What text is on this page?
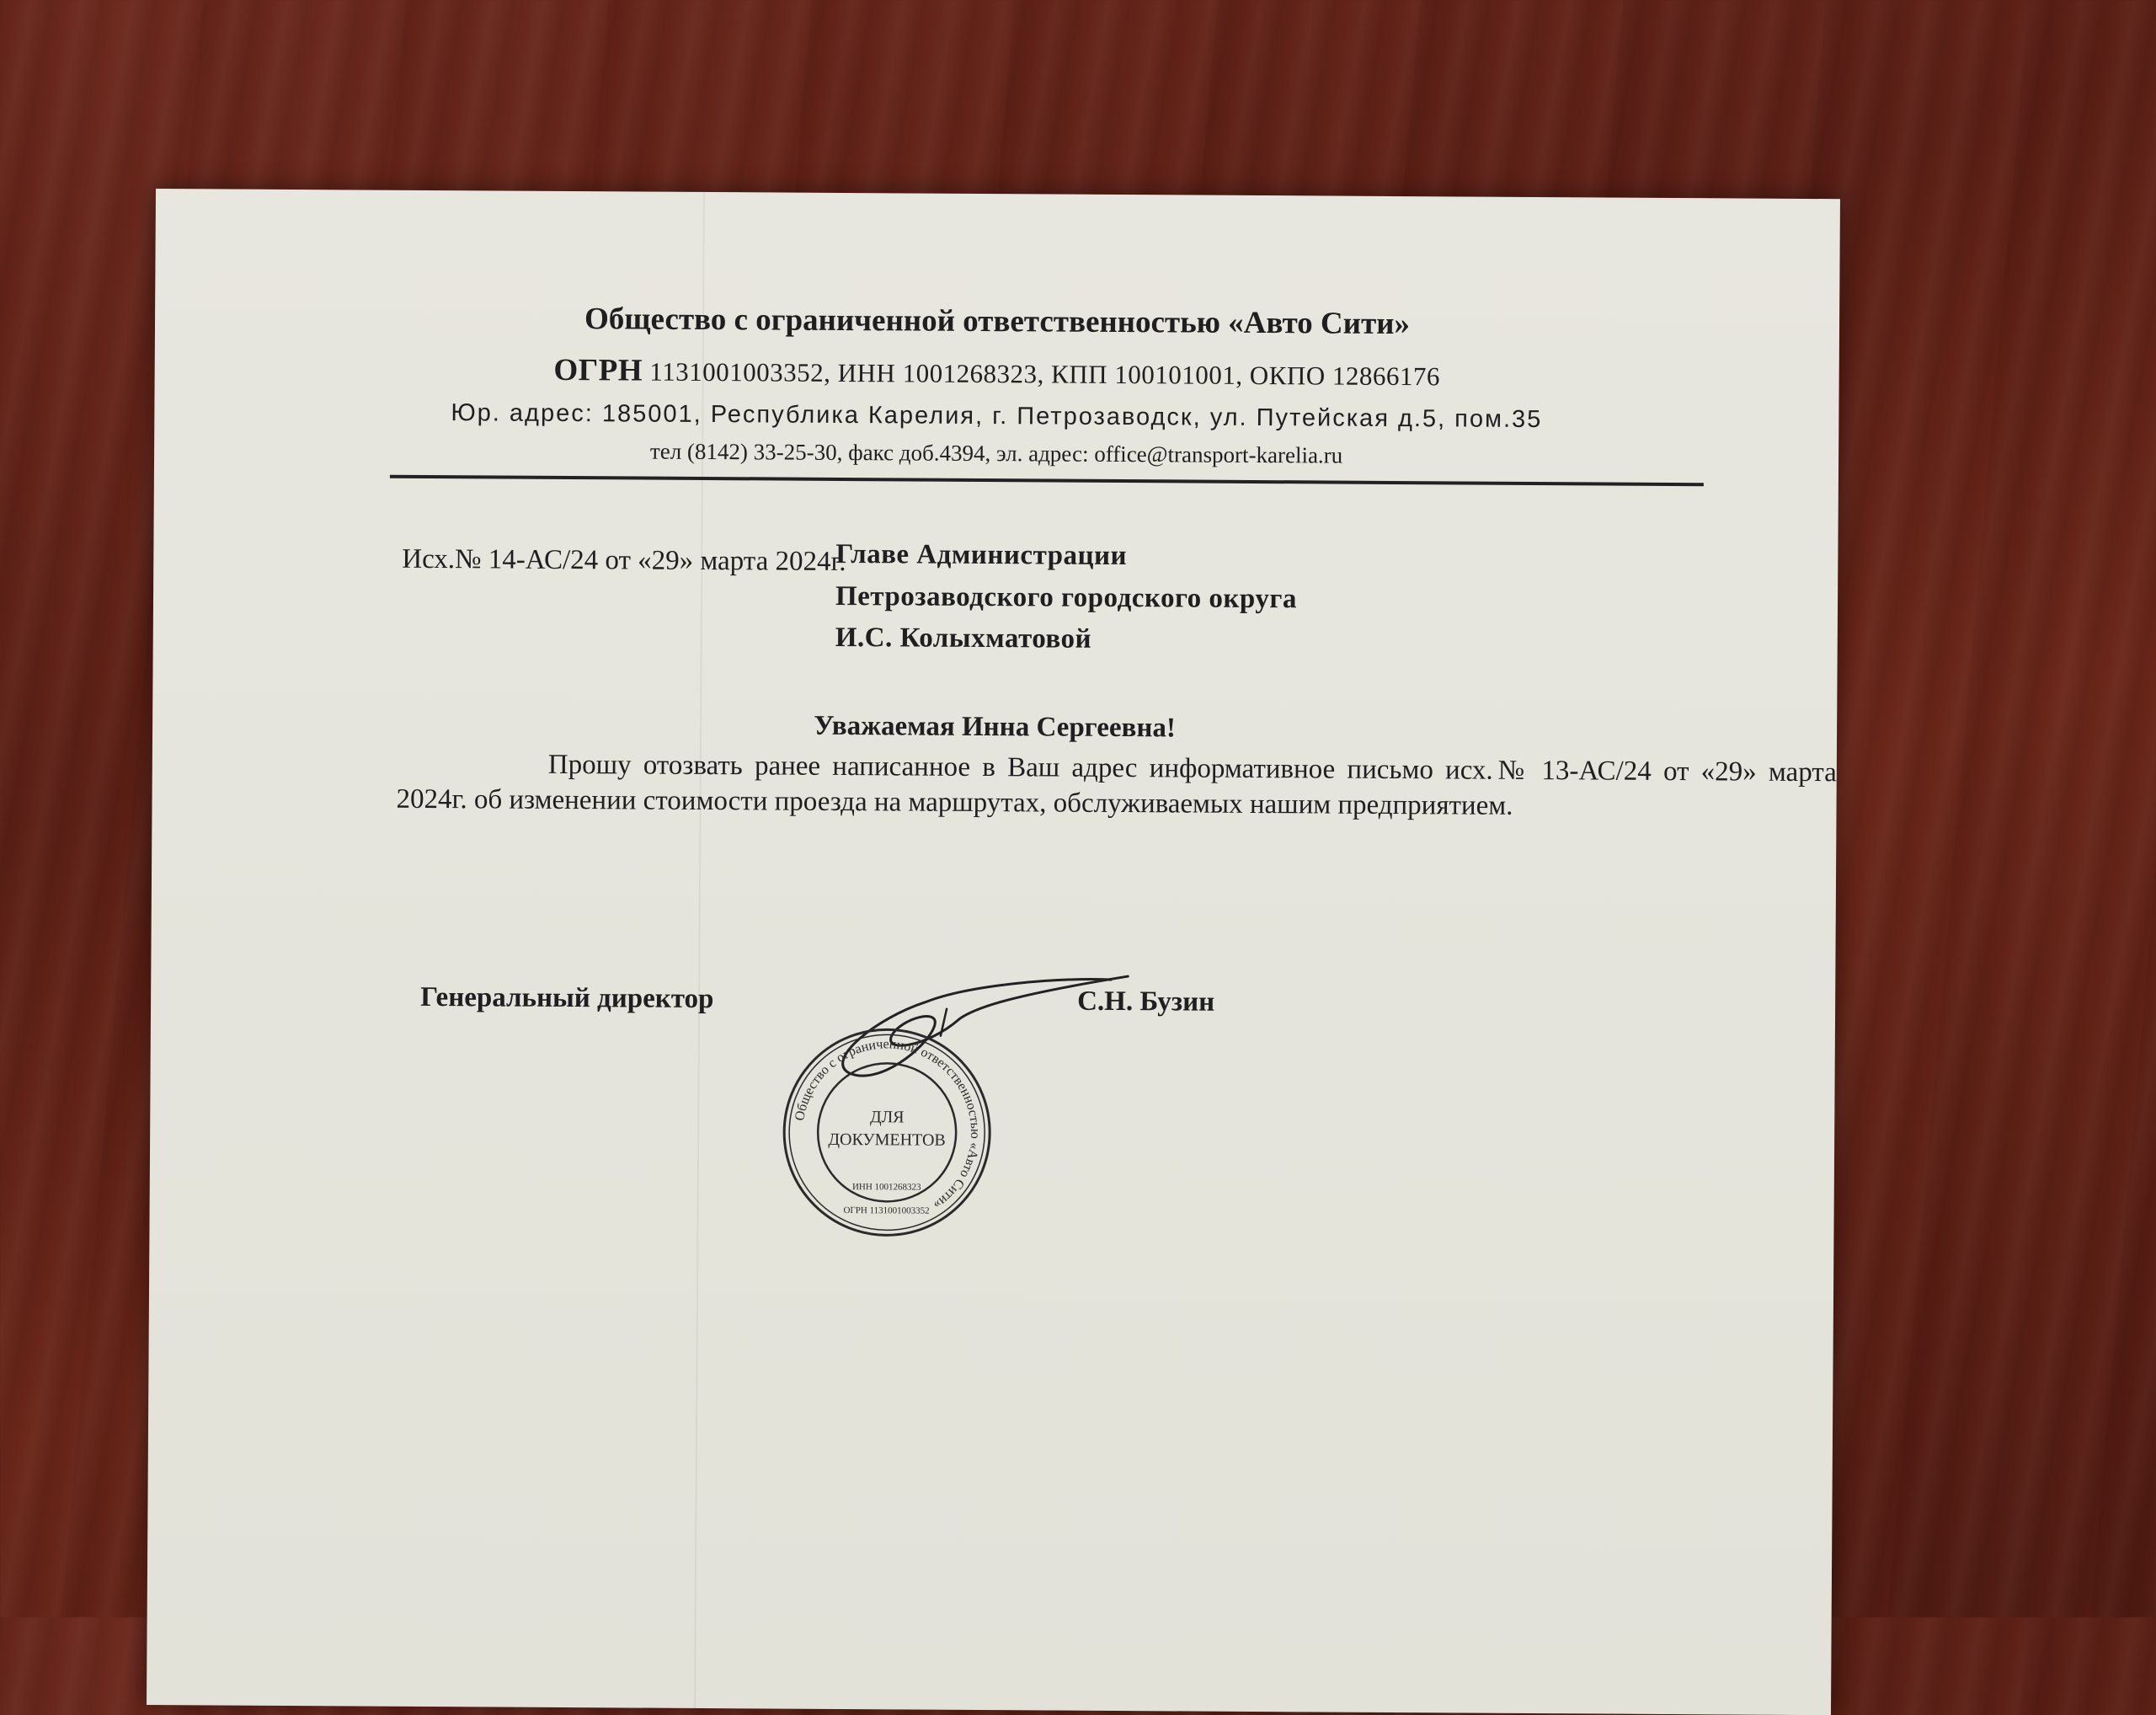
Общество с ограниченной ответственностью «Авто Сити»
ОГРН 1131001003352, ИНН 1001268323, КПП 100101001, ОКПО 12866176
Юр. адрес: 185001, Республика Карелия, г. Петрозаводск, ул. Путейская д.5, пом.35
тел (8142) 33-25-30, факс доб.4394, эл. адрес: office@transport-karelia.ru
Исх.№ 14-АС/24 от «29» марта 2024г.
Главе Администрации
Петрозаводского городского округа
И.С. Колыхматовой
Уважаемая Инна Сергеевна!
Прошу отозвать ранее написанное в Ваш адрес информативное письмо исх.№ 13-АС/24 от «29» марта 2024г. об изменении стоимости проезда на маршрутах, обслуживаемых нашим предприятием.
Генеральный директор	С.Н. Бузин
Общество с ограниченной ответственностью «Авто Сити»
ДЛЯ
ДОКУМЕНТОВ
ИНН 1001268323
ОГРН 1131001003352
